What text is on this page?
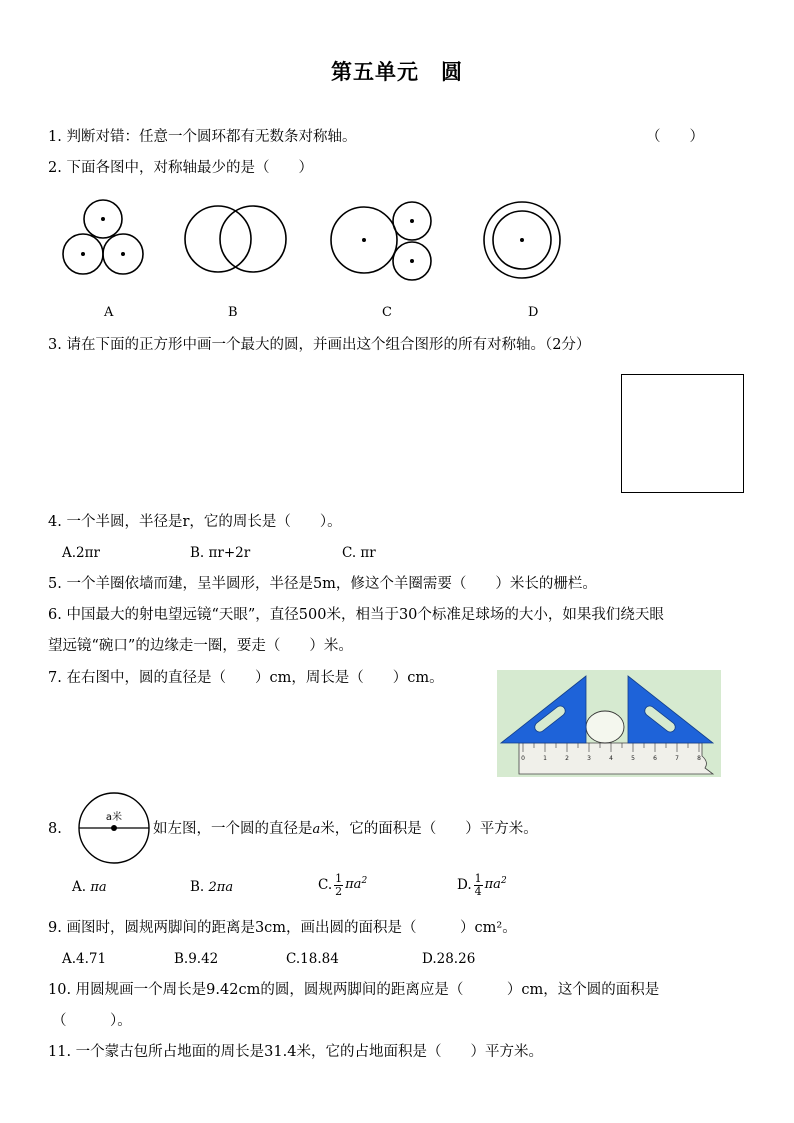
第五单元　圆
1. 判断对错：任意一个圆环都有无数条对称轴。	（　　）
2. 下面各图中，对称轴最少的是（　　）
A	B	C	D
3. 请在下面的正方形中画一个最大的圆，并画出这个组合图形的所有对称轴。（2分）
4. 一个半圆，半径是r，它的周长是（　　）。
A.2πr	B. πr+2r	C. πr
5. 一个羊圈依墙而建，呈半圆形，半径是5m，修这个羊圈需要（　　）米长的栅栏。
6. 中国最大的射电望远镜“天眼”，直径500米，相当于30个标准足球场的大小，如果我们绕天眼
望远镜“碗口”的边缘走一圈，要走（　　）米。
7. 在右图中，圆的直径是（　　）cm，周长是（　　）cm。
0	1	2	3	4	5	6	7	8
8.
a米
如左图，一个圆的直径是a米，它的面积是（　　）平方米。
A. πa	B. 2πa	C. $\frac{1}{2} \pi a^2$	D. $\frac{1}{4} \pi a^2$
9. 画图时，圆规两脚间的距离是3cm，画出圆的面积是（　　　）cm²。
A.4.71	B.9.42	C.18.84	D.28.26
10. 用圆规画一个周长是9.42cm的圆，圆规两脚间的距离应是（　　　）cm，这个圆的面积是
（　　　）。
11. 一个蒙古包所占地面的周长是31.4米，它的占地面积是（　　）平方米。
